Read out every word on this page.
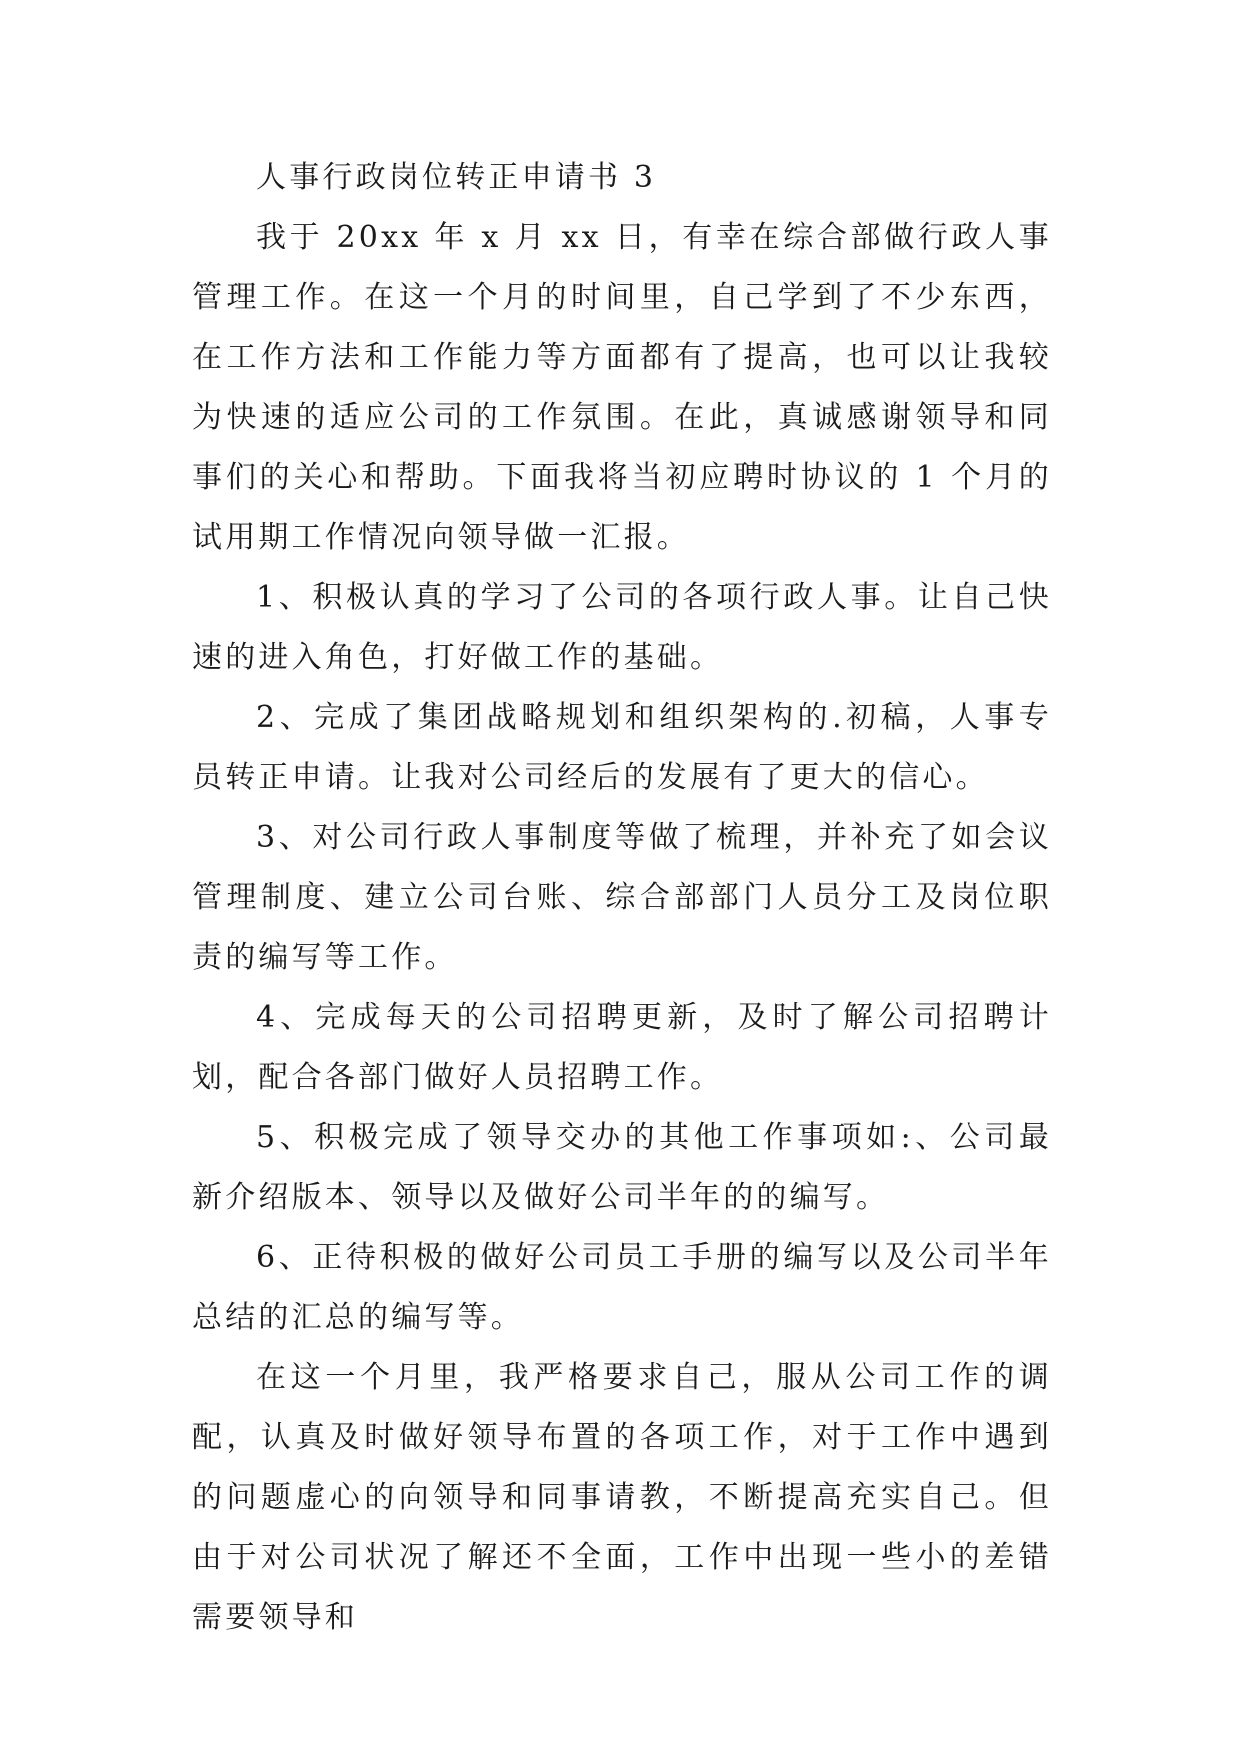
人事行政岗位转正申请书 3

我于 20xx 年 x 月 xx 日，有幸在综合部做行政人事管理工作。在这一个月的时间里，自己学到了不少东西，在工作方法和工作能力等方面都有了提高，也可以让我较为快速的适应公司的工作氛围。在此，真诚感谢领导和同事们的关心和帮助。下面我将当初应聘时协议的 1 个月的试用期工作情况向领导做一汇报。

1、积极认真的学习了公司的各项行政人事。让自己快速的进入角色，打好做工作的基础。

2、完成了集团战略规划和组织架构的.初稿，人事专员转正申请。让我对公司经后的发展有了更大的信心。

3、对公司行政人事制度等做了梳理，并补充了如会议管理制度、建立公司台账、综合部部门人员分工及岗位职责的编写等工作。

4、完成每天的公司招聘更新，及时了解公司招聘计划，配合各部门做好人员招聘工作。

5、积极完成了领导交办的其他工作事项如:、公司最新介绍版本、领导以及做好公司半年的的编写。

6、正待积极的做好公司员工手册的编写以及公司半年总结的汇总的编写等。

在这一个月里，我严格要求自己，服从公司工作的调配，认真及时做好领导布置的各项工作，对于工作中遇到的问题虚心的向领导和同事请教，不断提高充实自己。但由于对公司状况了解还不全面，工作中出现一些小的差错需要领导和
